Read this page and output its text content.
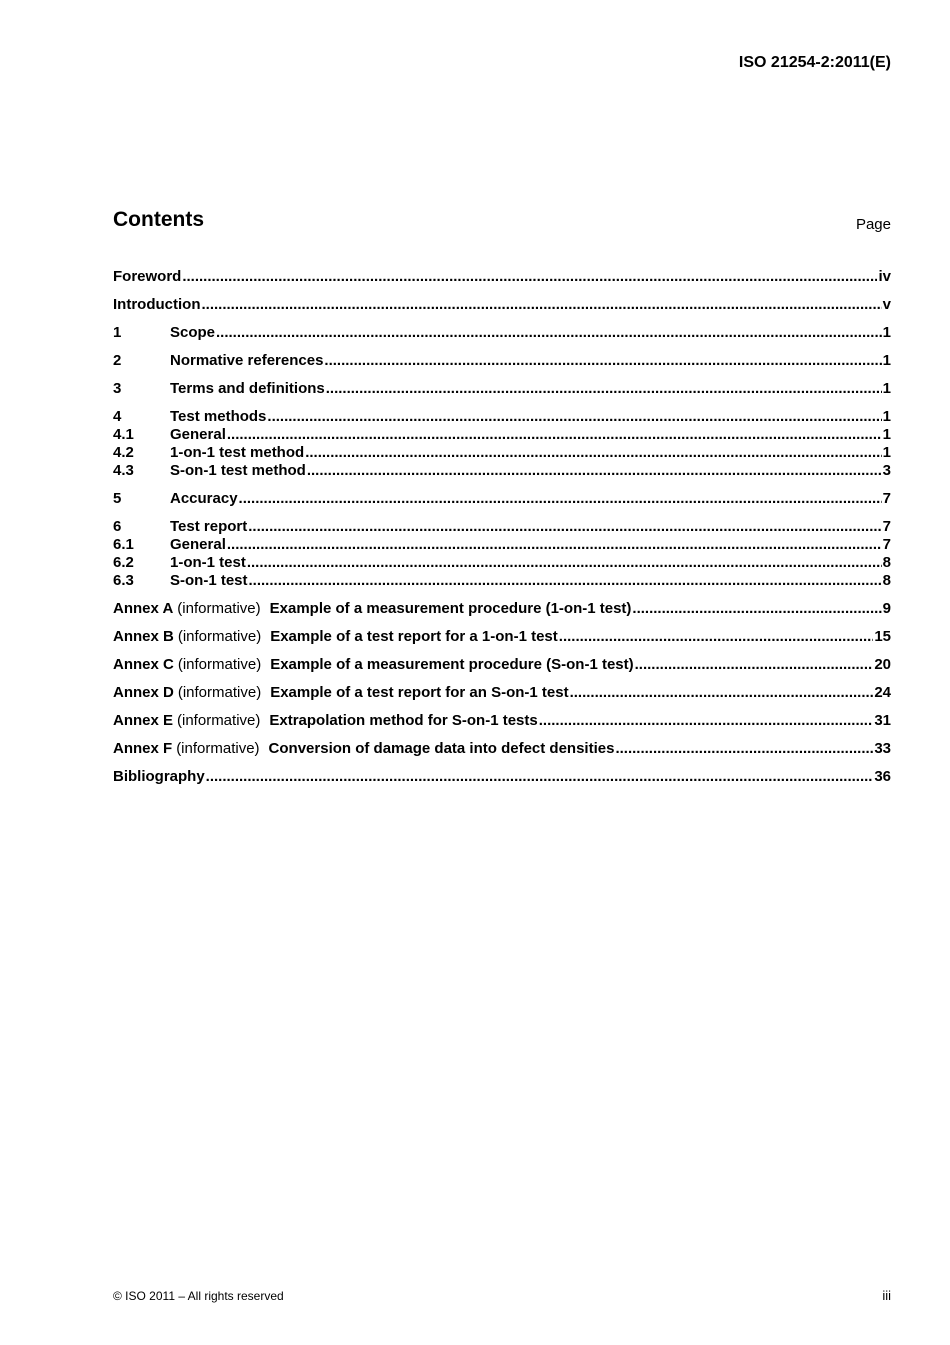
ISO 21254-2:2011(E)
Contents	Page
Foreword .....	iv
Introduction .....	v
1	Scope .....	1
2	Normative references .....	1
3	Terms and definitions .....	1
4	Test methods .....	1
4.1	General .....	1
4.2	1-on-1 test method .....	1
4.3	S-on-1 test method .....	3
5	Accuracy .....	7
6	Test report .....	7
6.1	General .....	7
6.2	1-on-1 test .....	8
6.3	S-on-1 test .....	8
Annex A (informative) Example of a measurement procedure (1-on-1 test) .....	9
Annex B (informative) Example of a test report for a 1-on-1 test .....	15
Annex C (informative) Example of a measurement procedure (S-on-1 test) .....	20
Annex D (informative) Example of a test report for an S-on-1 test .....	24
Annex E (informative) Extrapolation method for S-on-1 tests .....	31
Annex F (informative) Conversion of damage data into defect densities .....	33
Bibliography .....	36
© ISO 2011 – All rights reserved	iii
